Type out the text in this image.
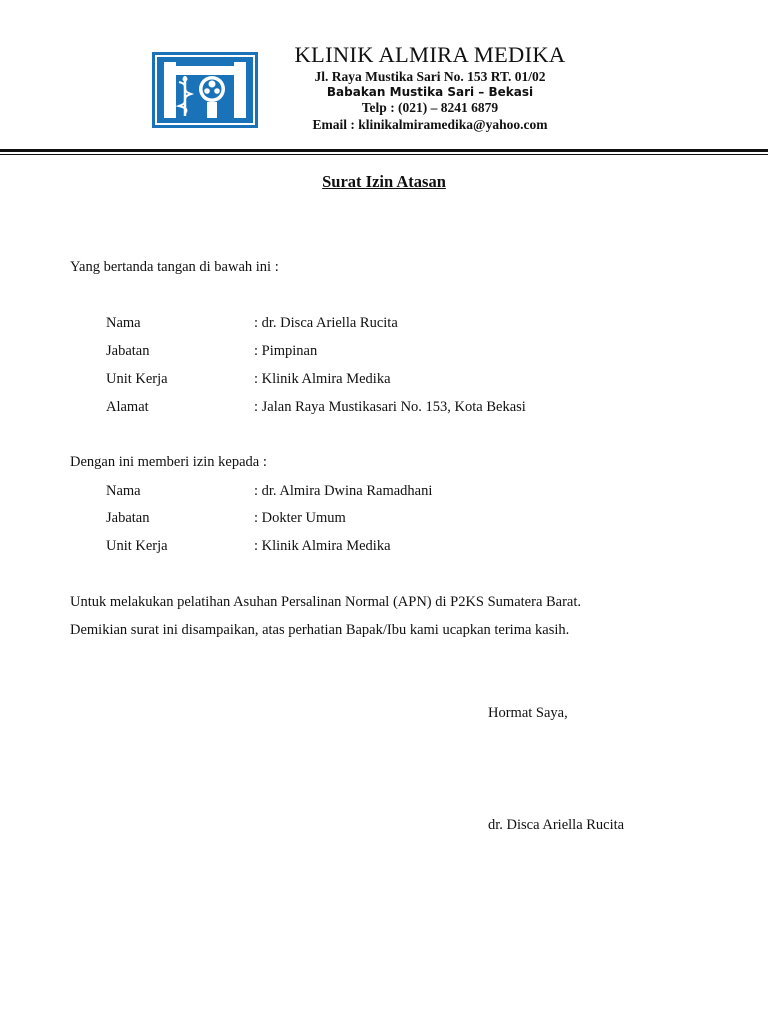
KLINIK ALMIRA MEDIKA
Jl. Raya Mustika Sari No. 153 RT. 01/02
Babakan Mustika Sari – Bekasi
Telp : (021) – 8241 6879
Email : klinikalmiramedika@yahoo.com
Surat Izin Atasan
Yang bertanda tangan di bawah ini :
Nama	: dr. Disca Ariella Rucita
Jabatan	: Pimpinan
Unit Kerja	: Klinik Almira Medika
Alamat	: Jalan Raya Mustikasari No. 153, Kota Bekasi
Dengan ini memberi izin kepada :
Nama	: dr. Almira Dwina Ramadhani
Jabatan	: Dokter Umum
Unit Kerja	: Klinik Almira Medika
Untuk melakukan pelatihan Asuhan Persalinan Normal (APN) di P2KS Sumatera Barat.
Demikian surat ini disampaikan, atas perhatian Bapak/Ibu kami ucapkan terima kasih.
Hormat Saya,
dr. Disca Ariella Rucita
